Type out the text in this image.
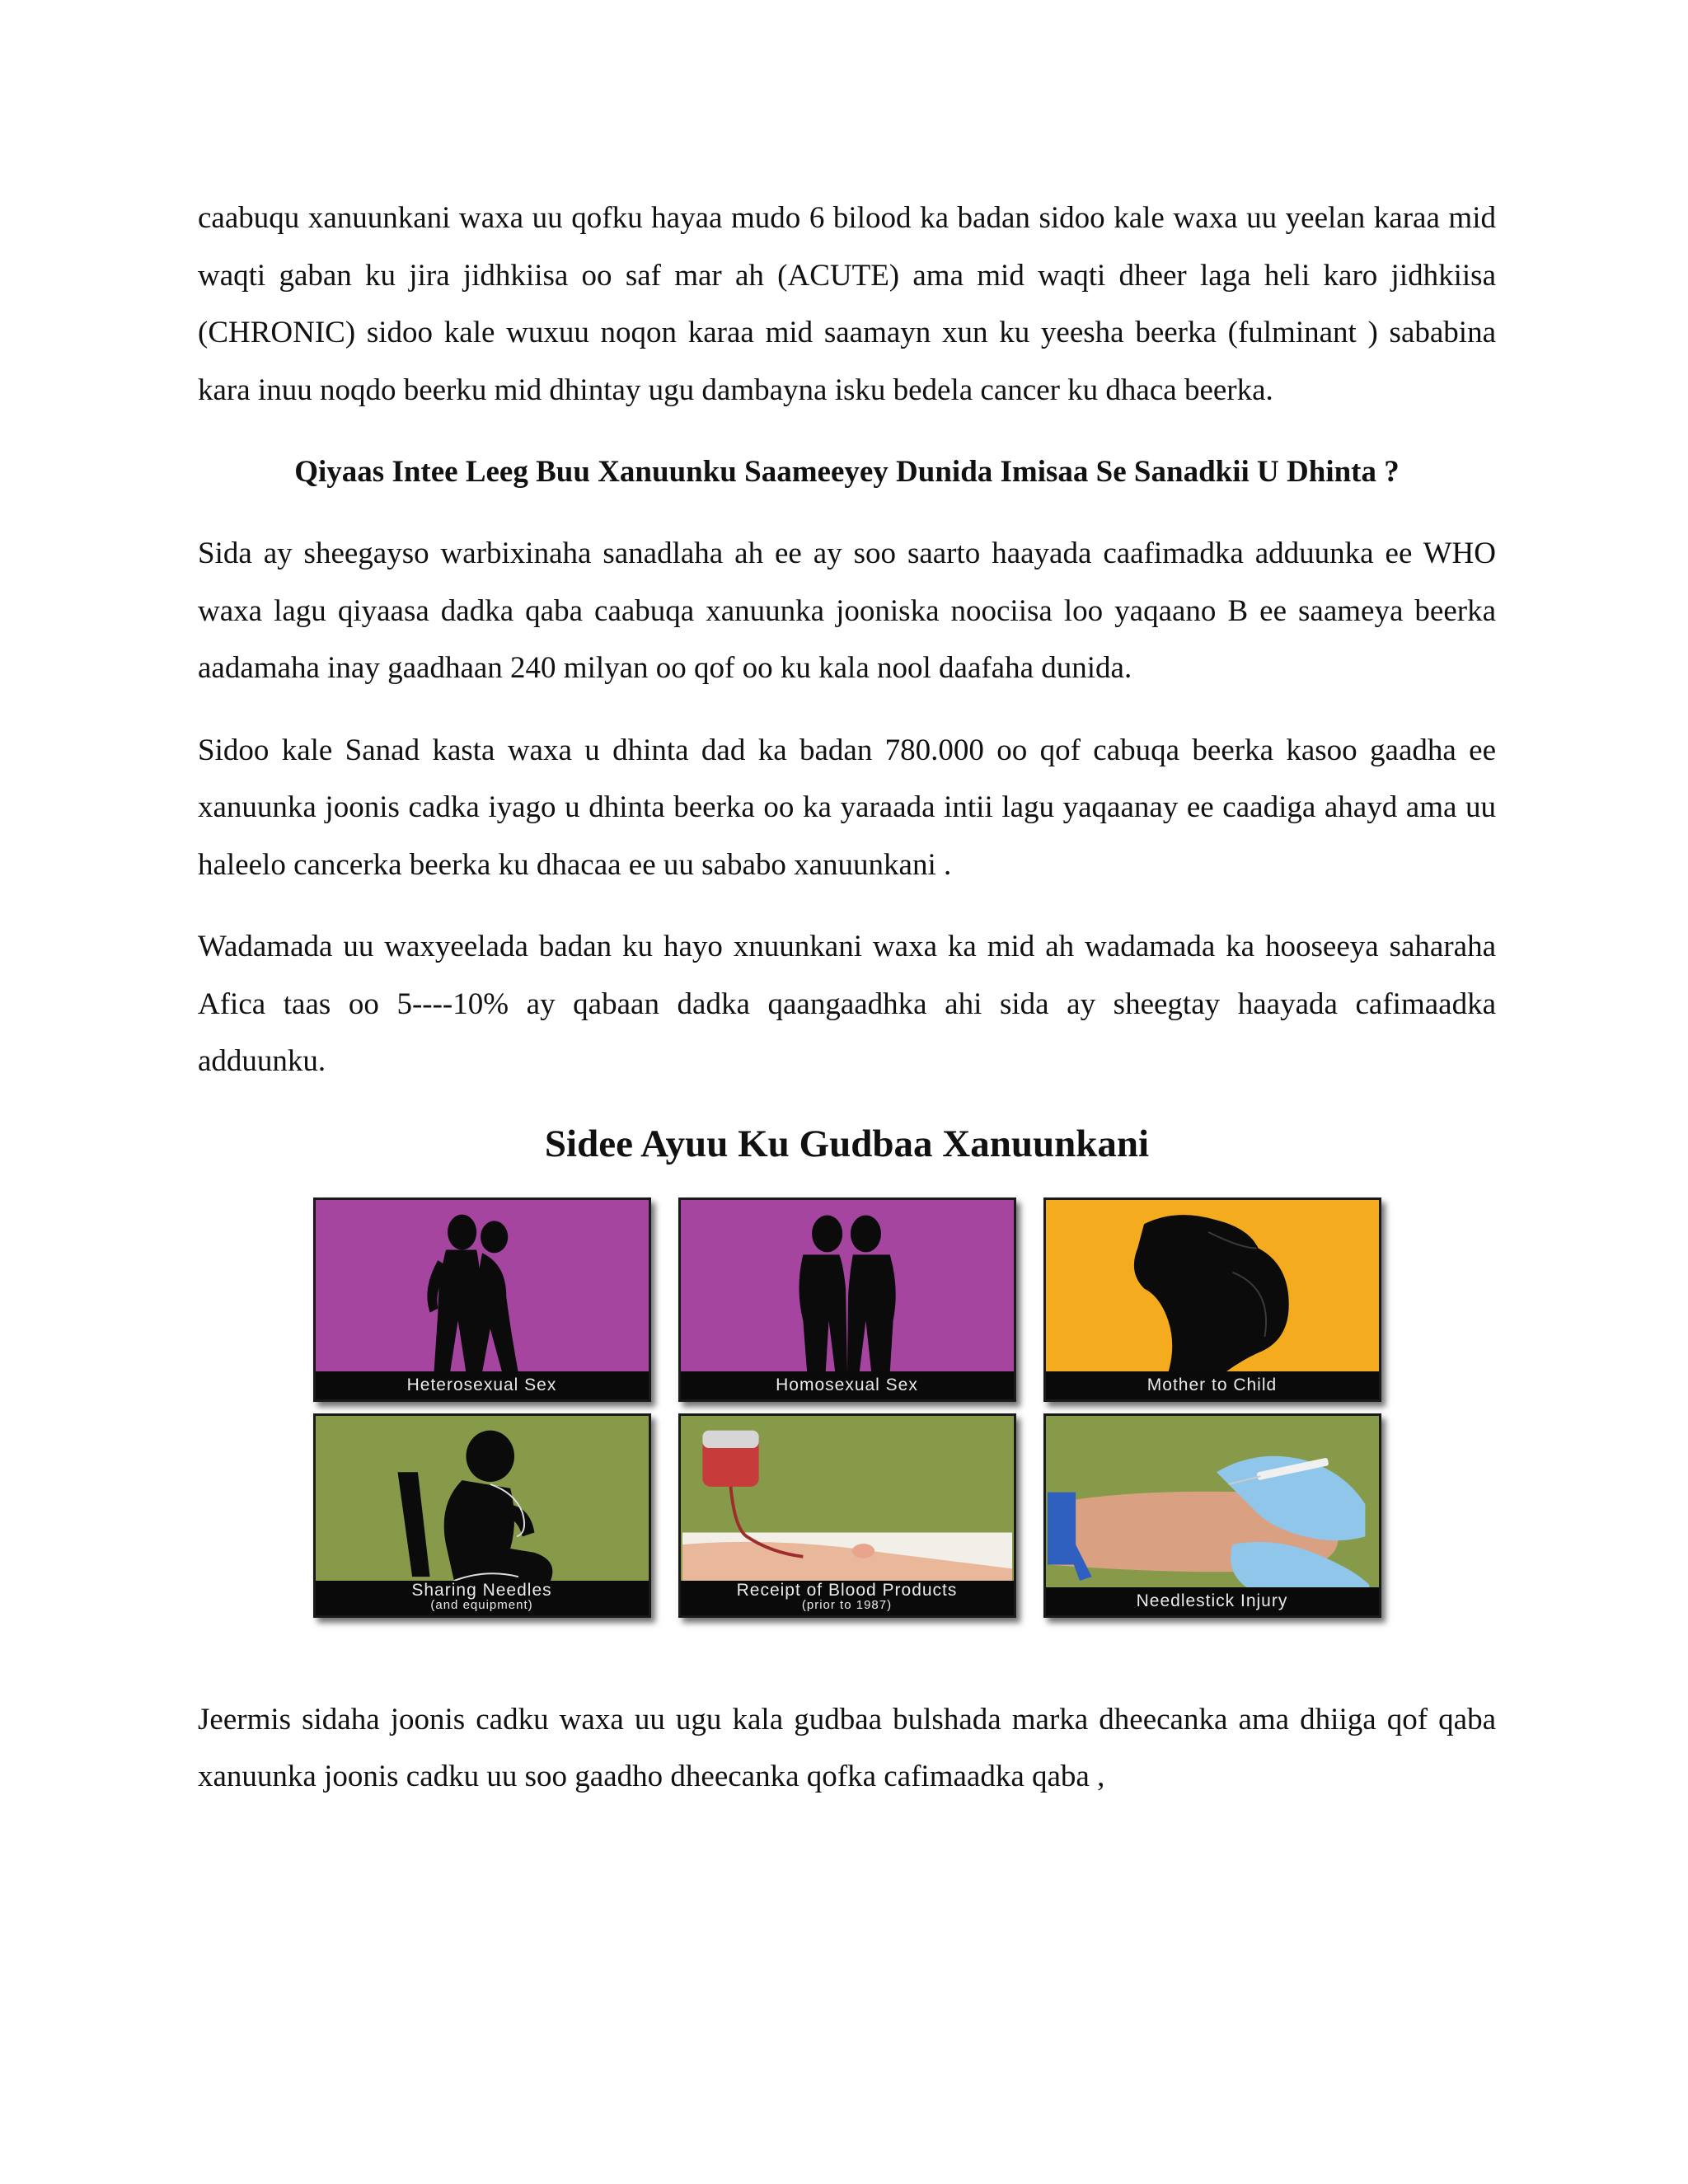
caabuqu xanuunkani waxa uu qofku hayaa mudo 6 bilood ka badan sidoo kale waxa uu yeelan karaa mid waqti gaban ku jira jidhkiisa oo saf mar ah (ACUTE) ama mid waqti dheer laga heli karo jidhkiisa (CHRONIC) sidoo kale wuxuu noqon karaa mid saamayn xun ku yeesha beerka (fulminant ) sababina kara inuu noqdo beerku mid dhintay ugu dambayna isku bedela cancer ku dhaca beerka.

Qiyaas Intee Leeg Buu Xanuunku Saameeyey Dunida Imisaa Se Sanadkii U Dhinta ?

Sida ay sheegayso warbixinaha sanadlaha ah ee ay soo saarto haayada caafimadka adduunka ee WHO waxa lagu qiyaasa dadka qaba caabuqa xanuunka jooniska noociisa loo yaqaano B ee saameya beerka aadamaha inay gaadhaan 240 milyan oo qof oo ku kala nool daafaha dunida.

Sidoo kale Sanad kasta waxa u dhinta dad ka badan 780.000 oo qof cabuqa beerka kasoo gaadha ee xanuunka joonis cadka iyago u dhinta beerka oo ka yaraada intii lagu yaqaanay ee caadiga ahayd ama uu haleelo cancerka beerka ku dhacaa ee uu sababo xanuunkani .

Wadamada uu waxyeelada badan ku hayo xnuunkani waxa ka mid ah wadamada ka hooseeya saharaha Afica taas oo 5----10% ay qabaan dadka qaangaadhka ahi sida ay sheegtay haayada cafimaadka adduunku.

Sidee Ayuu Ku Gudbaa Xanuunkani
Heterosexual Sex	Homosexual Sex	Mother to Child
Sharing Needles
(and equipment)
Receipt of Blood Products
(prior to 1987)	Needlestick Injury

Jeermis sidaha joonis cadku waxa uu ugu kala gudbaa bulshada marka dheecanka ama dhiiga qof qaba xanuunka joonis cadku uu soo gaadho dheecanka qofka cafimaadka qaba ,
